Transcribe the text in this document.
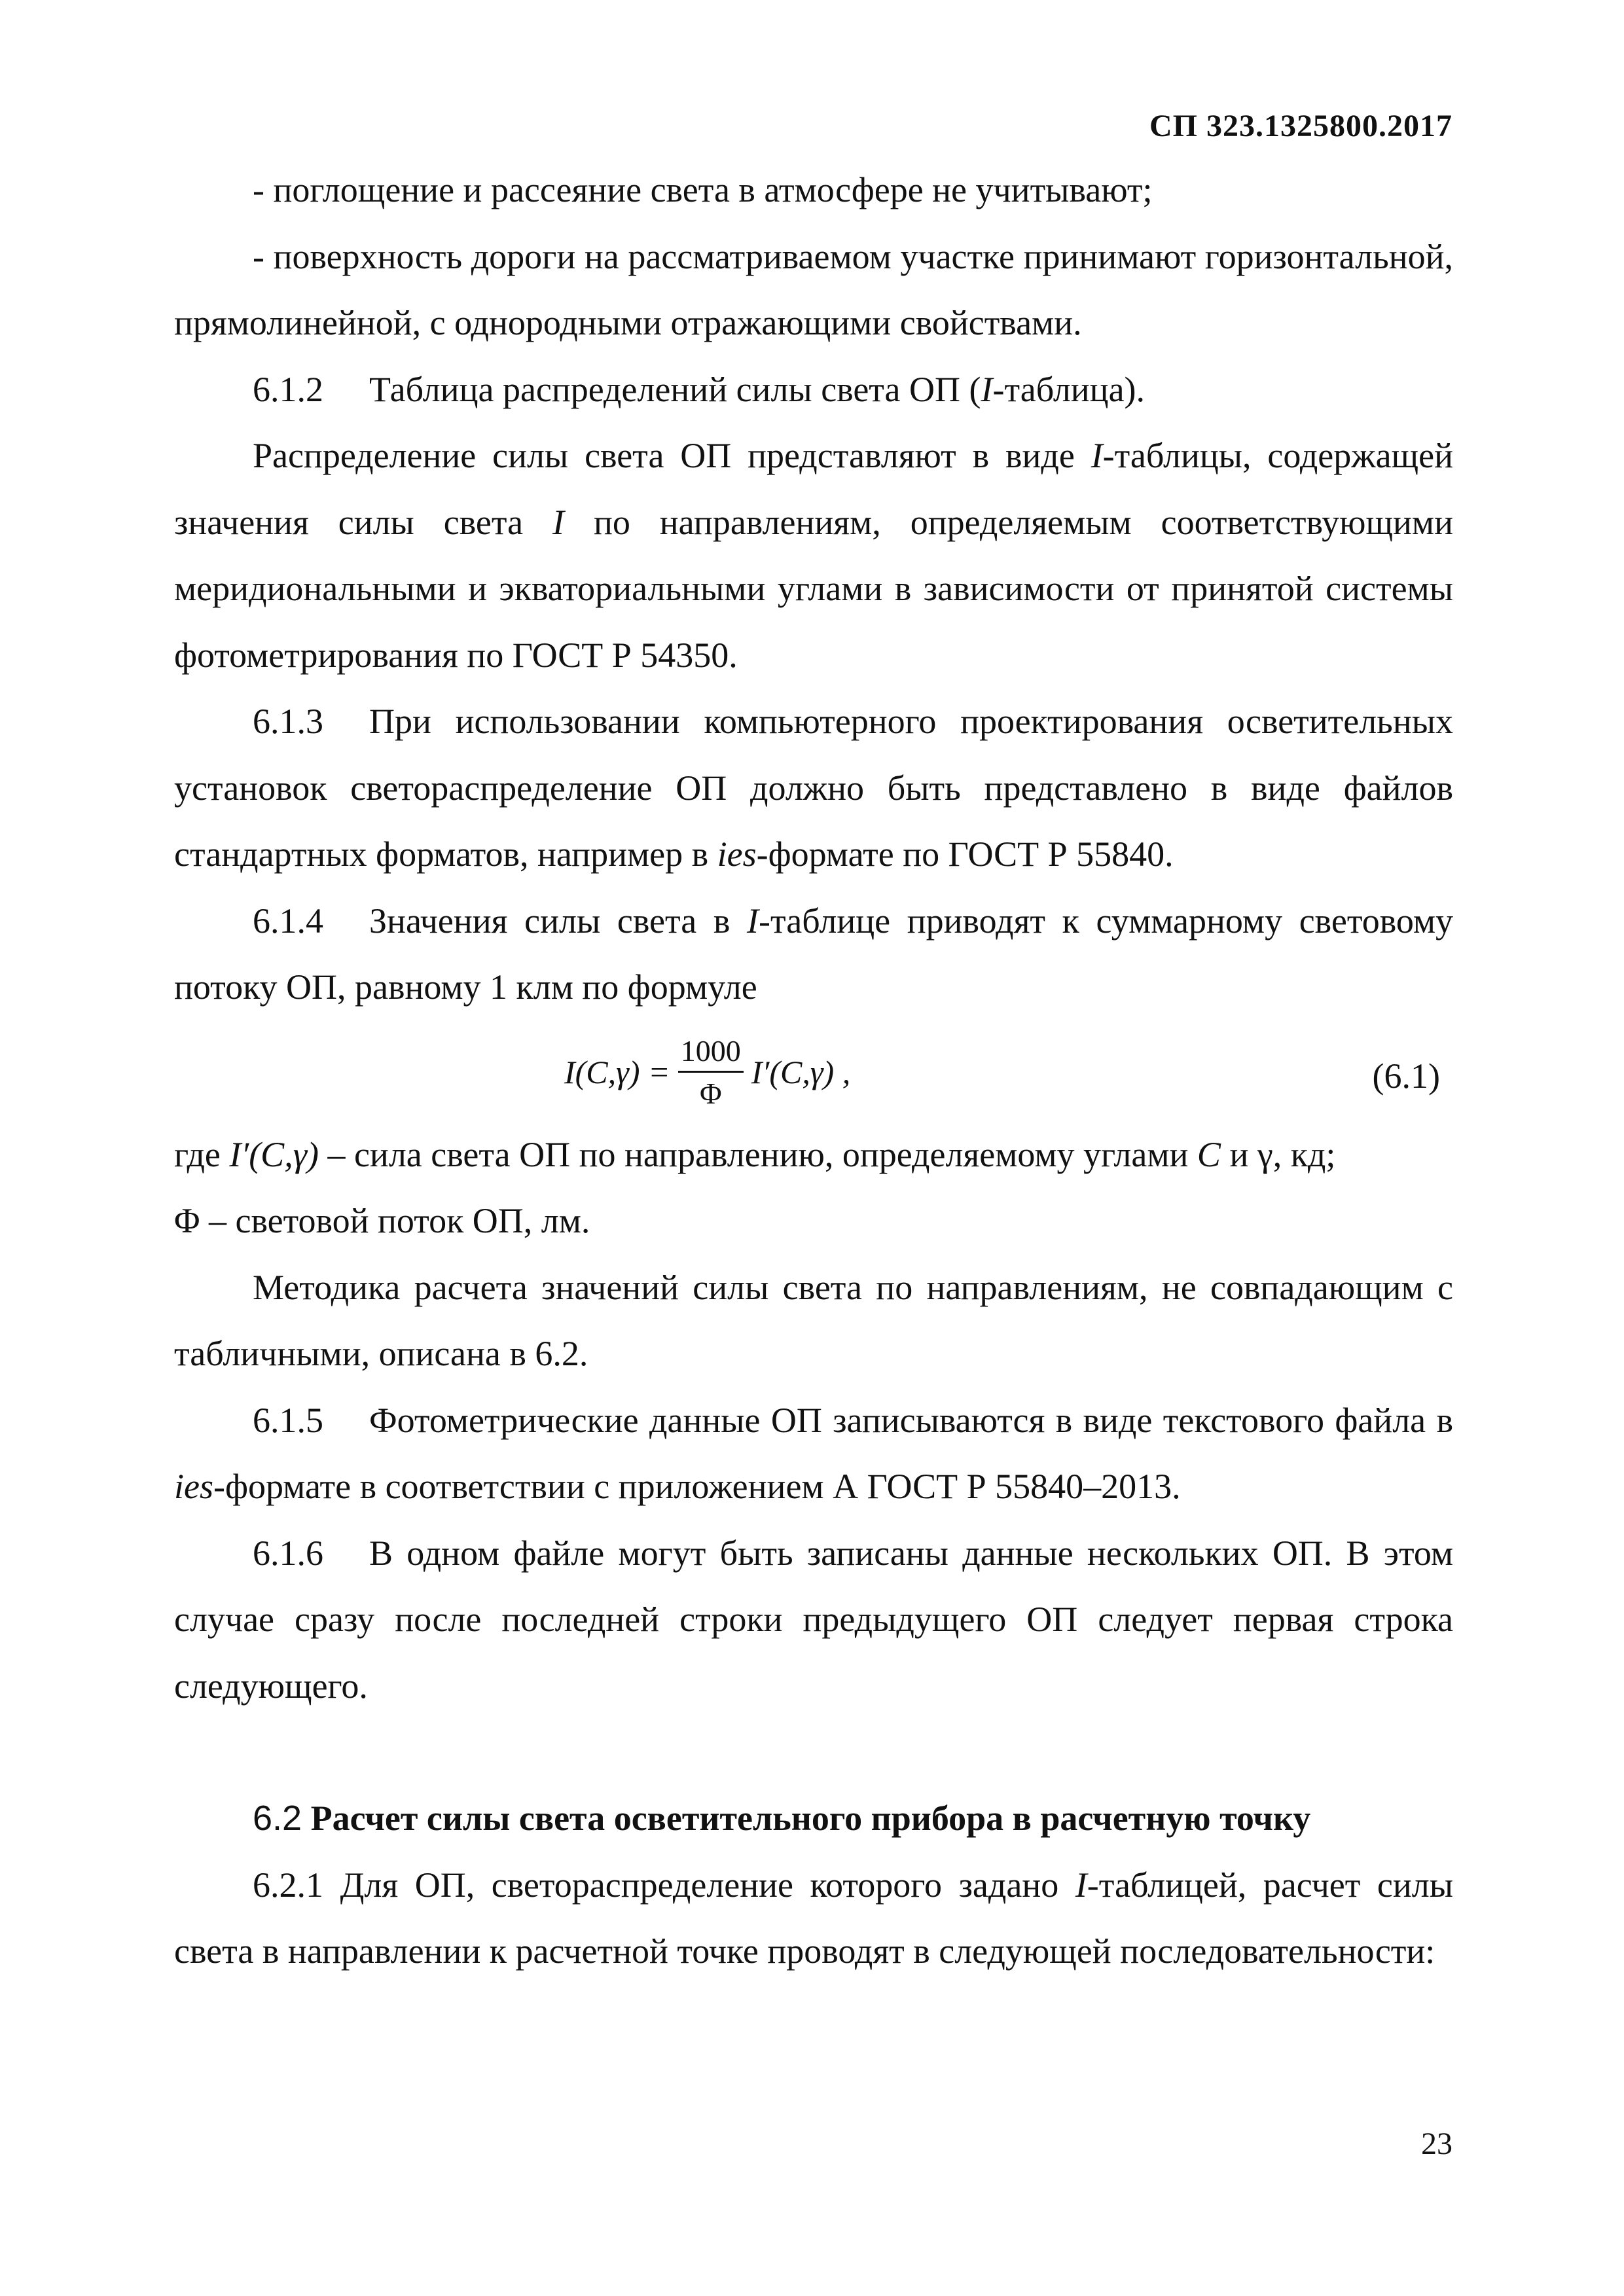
СП 323.1325800.2017

- поглощение и рассеяние света в атмосфере не учитывают;

- поверхность дороги на рассматриваемом участке принимают горизонтальной, прямолинейной, с однородными отражающими свойствами.

6.1.2 Таблица распределений силы света ОП (I-таблица).

Распределение силы света ОП представляют в виде I-таблицы, содержащей значения силы света I по направлениям, определяемым соответствующими меридиональными и экваториальными углами в зависимости от принятой системы фотометрирования по ГОСТ Р 54350.

6.1.3 При использовании компьютерного проектирования осветительных установок светораспределение ОП должно быть представлено в виде файлов стандартных форматов, например в ies-формате по ГОСТ Р 55840.

6.1.4 Значения силы света в I-таблице приводят к суммарному световому потоку ОП, равному 1 клм по формуле

$I(C,\gamma) = \frac{1000}{\Phi} I'(C,\gamma)$ ,	(6.1)

где I′(C,γ) – сила света ОП по направлению, определяемому углами C и γ, кд;

Φ – световой поток ОП, лм.

Методика расчета значений силы света по направлениям, не совпадающим с табличными, описана в 6.2.

6.1.5 Фотометрические данные ОП записываются в виде текстового файла в ies-формате в соответствии с приложением А ГОСТ Р 55840–2013.

6.1.6 В одном файле могут быть записаны данные нескольких ОП. В этом случае сразу после последней строки предыдущего ОП следует первая строка следующего.

6.2 Расчет силы света осветительного прибора в расчетную точку

6.2.1 Для ОП, светораспределение которого задано I-таблицей, расчет силы света в направлении к расчетной точке проводят в следующей последовательности:

23
